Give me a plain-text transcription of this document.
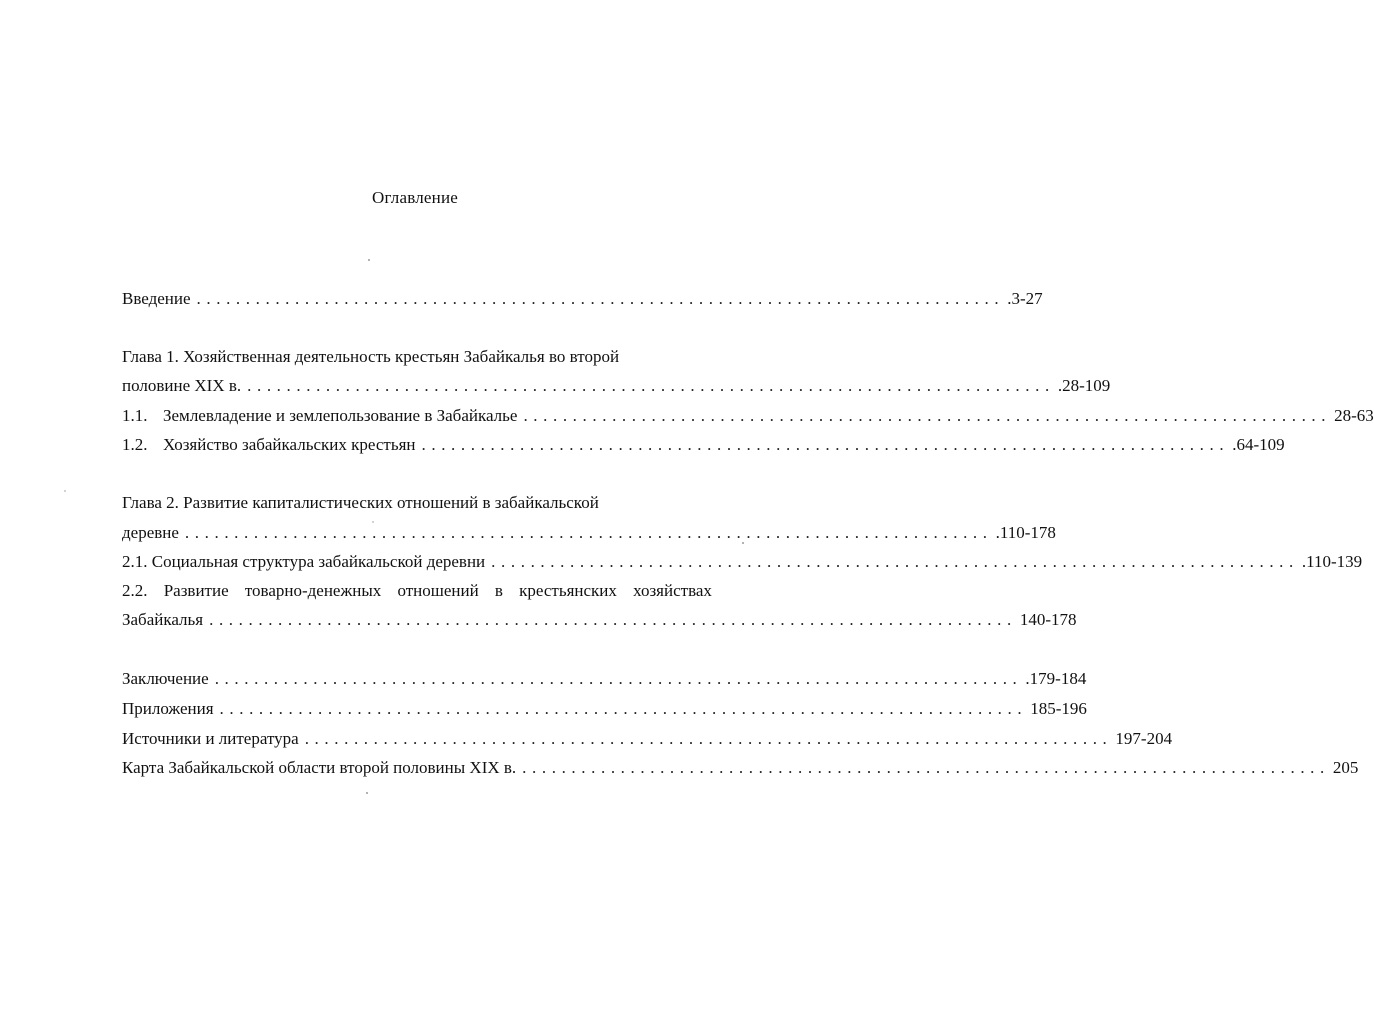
Оглавление
Введение .................................................................................. .3-27
Глава 1. Хозяйственная деятельность крестьян Забайкалья во второй
половине XIX в. .................................................................................. .28-109
1.1. Землевладение и землепользование в Забайкалье .................................................................................. 28-63
1.2. Хозяйство забайкальских крестьян .................................................................................. .64-109
Глава 2. Развитие капиталистических отношений в забайкальской
деревне .................................................................................. .110-178
2.1. Социальная структура забайкальской деревни .................................................................................. .110-139
2.2. Развитие товарно-денежных отношений в крестьянских хозяйствах
Забайкалья .................................................................................. 140-178
Заключение .................................................................................. .179-184
Приложения .................................................................................. 185-196
Источники и литература .................................................................................. 197-204
Карта Забайкальской области второй половины XIX в. .................................................................................. 205
